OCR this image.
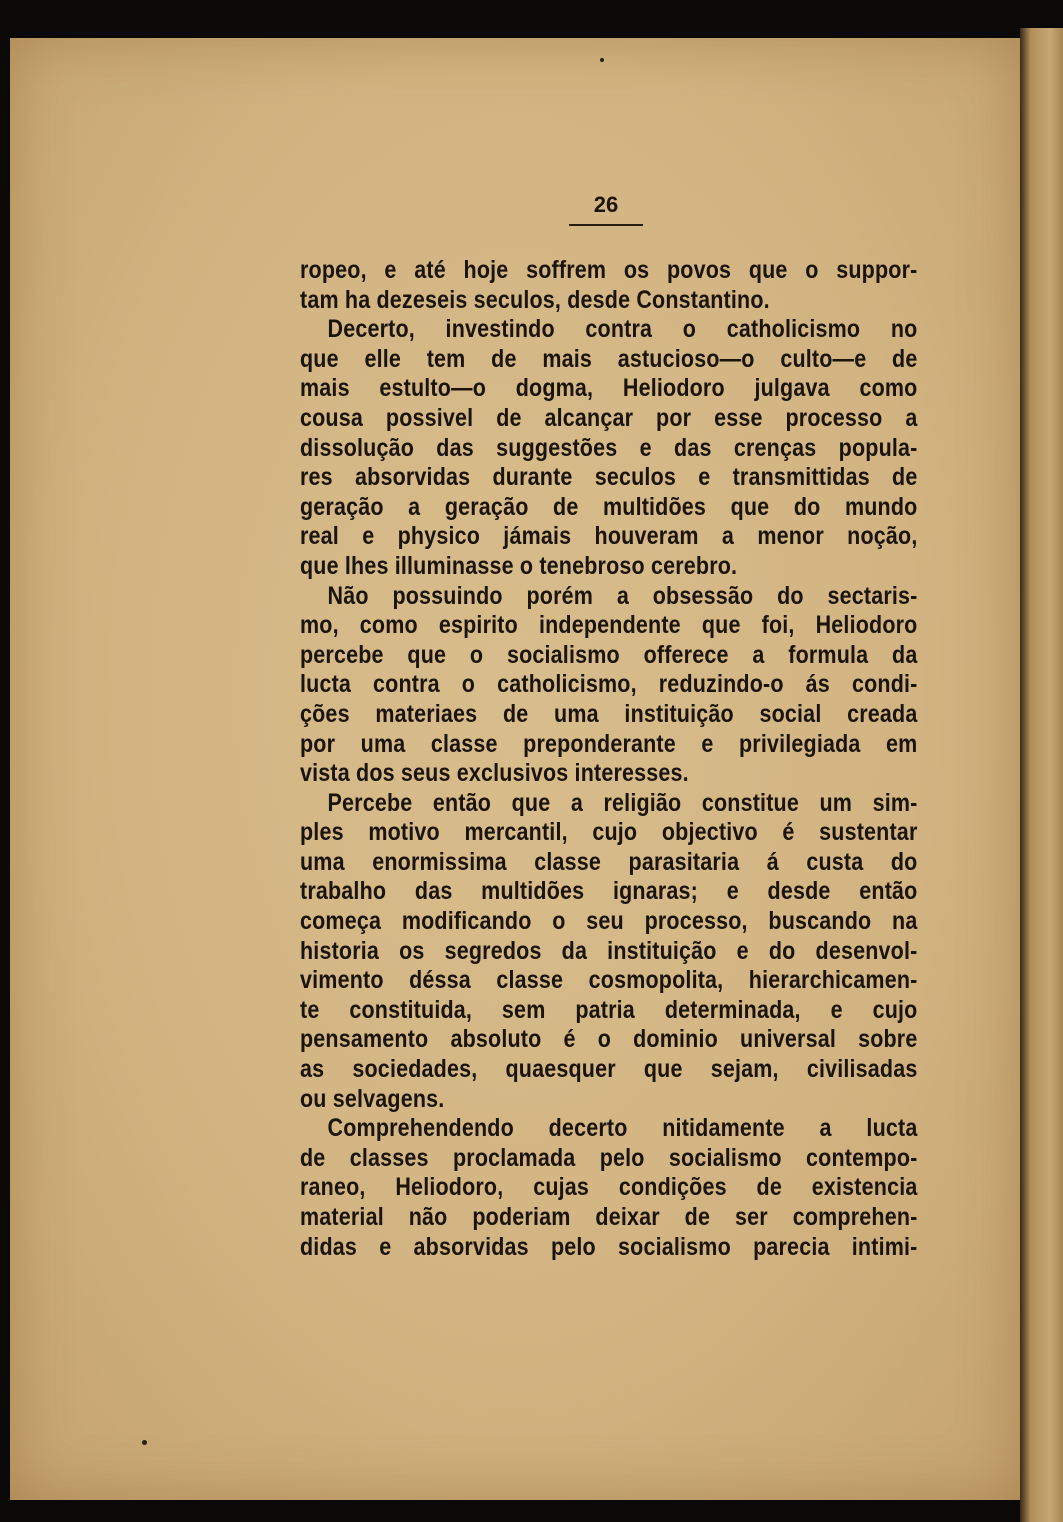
26
ropeo, e até hoje soffrem os povos que o suppor-
tam ha dezeseis seculos, desde Constantino.
Decerto, investindo contra o catholicismo no
que elle tem de mais astucioso—o culto—e de
mais estulto—o dogma, Heliodoro julgava como
cousa possivel de alcançar por esse processo a
dissolução das suggestões e das crenças popula-
res absorvidas durante seculos e transmittidas de
geração a geração de multidões que do mundo
real e physico jámais houveram a menor noção,
que lhes illuminasse o tenebroso cerebro.
Não possuindo porém a obsessão do sectaris-
mo, como espirito independente que foi, Heliodoro
percebe que o socialismo offerece a formula da
lucta contra o catholicismo, reduzindo-o ás condi-
ções materiaes de uma instituição social creada
por uma classe preponderante e privilegiada em
vista dos seus exclusivos interesses.
Percebe então que a religião constitue um sim-
ples motivo mercantil, cujo objectivo é sustentar
uma enormissima classe parasitaria á custa do
trabalho das multidões ignaras; e desde então
começa modificando o seu processo, buscando na
historia os segredos da instituição e do desenvol-
vimento déssa classe cosmopolita, hierarchicamen-
te constituida, sem patria determinada, e cujo
pensamento absoluto é o dominio universal sobre
as sociedades, quaesquer que sejam, civilisadas
ou selvagens.
Comprehendendo decerto nitidamente a lucta
de classes proclamada pelo socialismo contempo-
raneo, Heliodoro, cujas condições de existencia
material não poderiam deixar de ser comprehen-
didas e absorvidas pelo socialismo parecia intimi-
